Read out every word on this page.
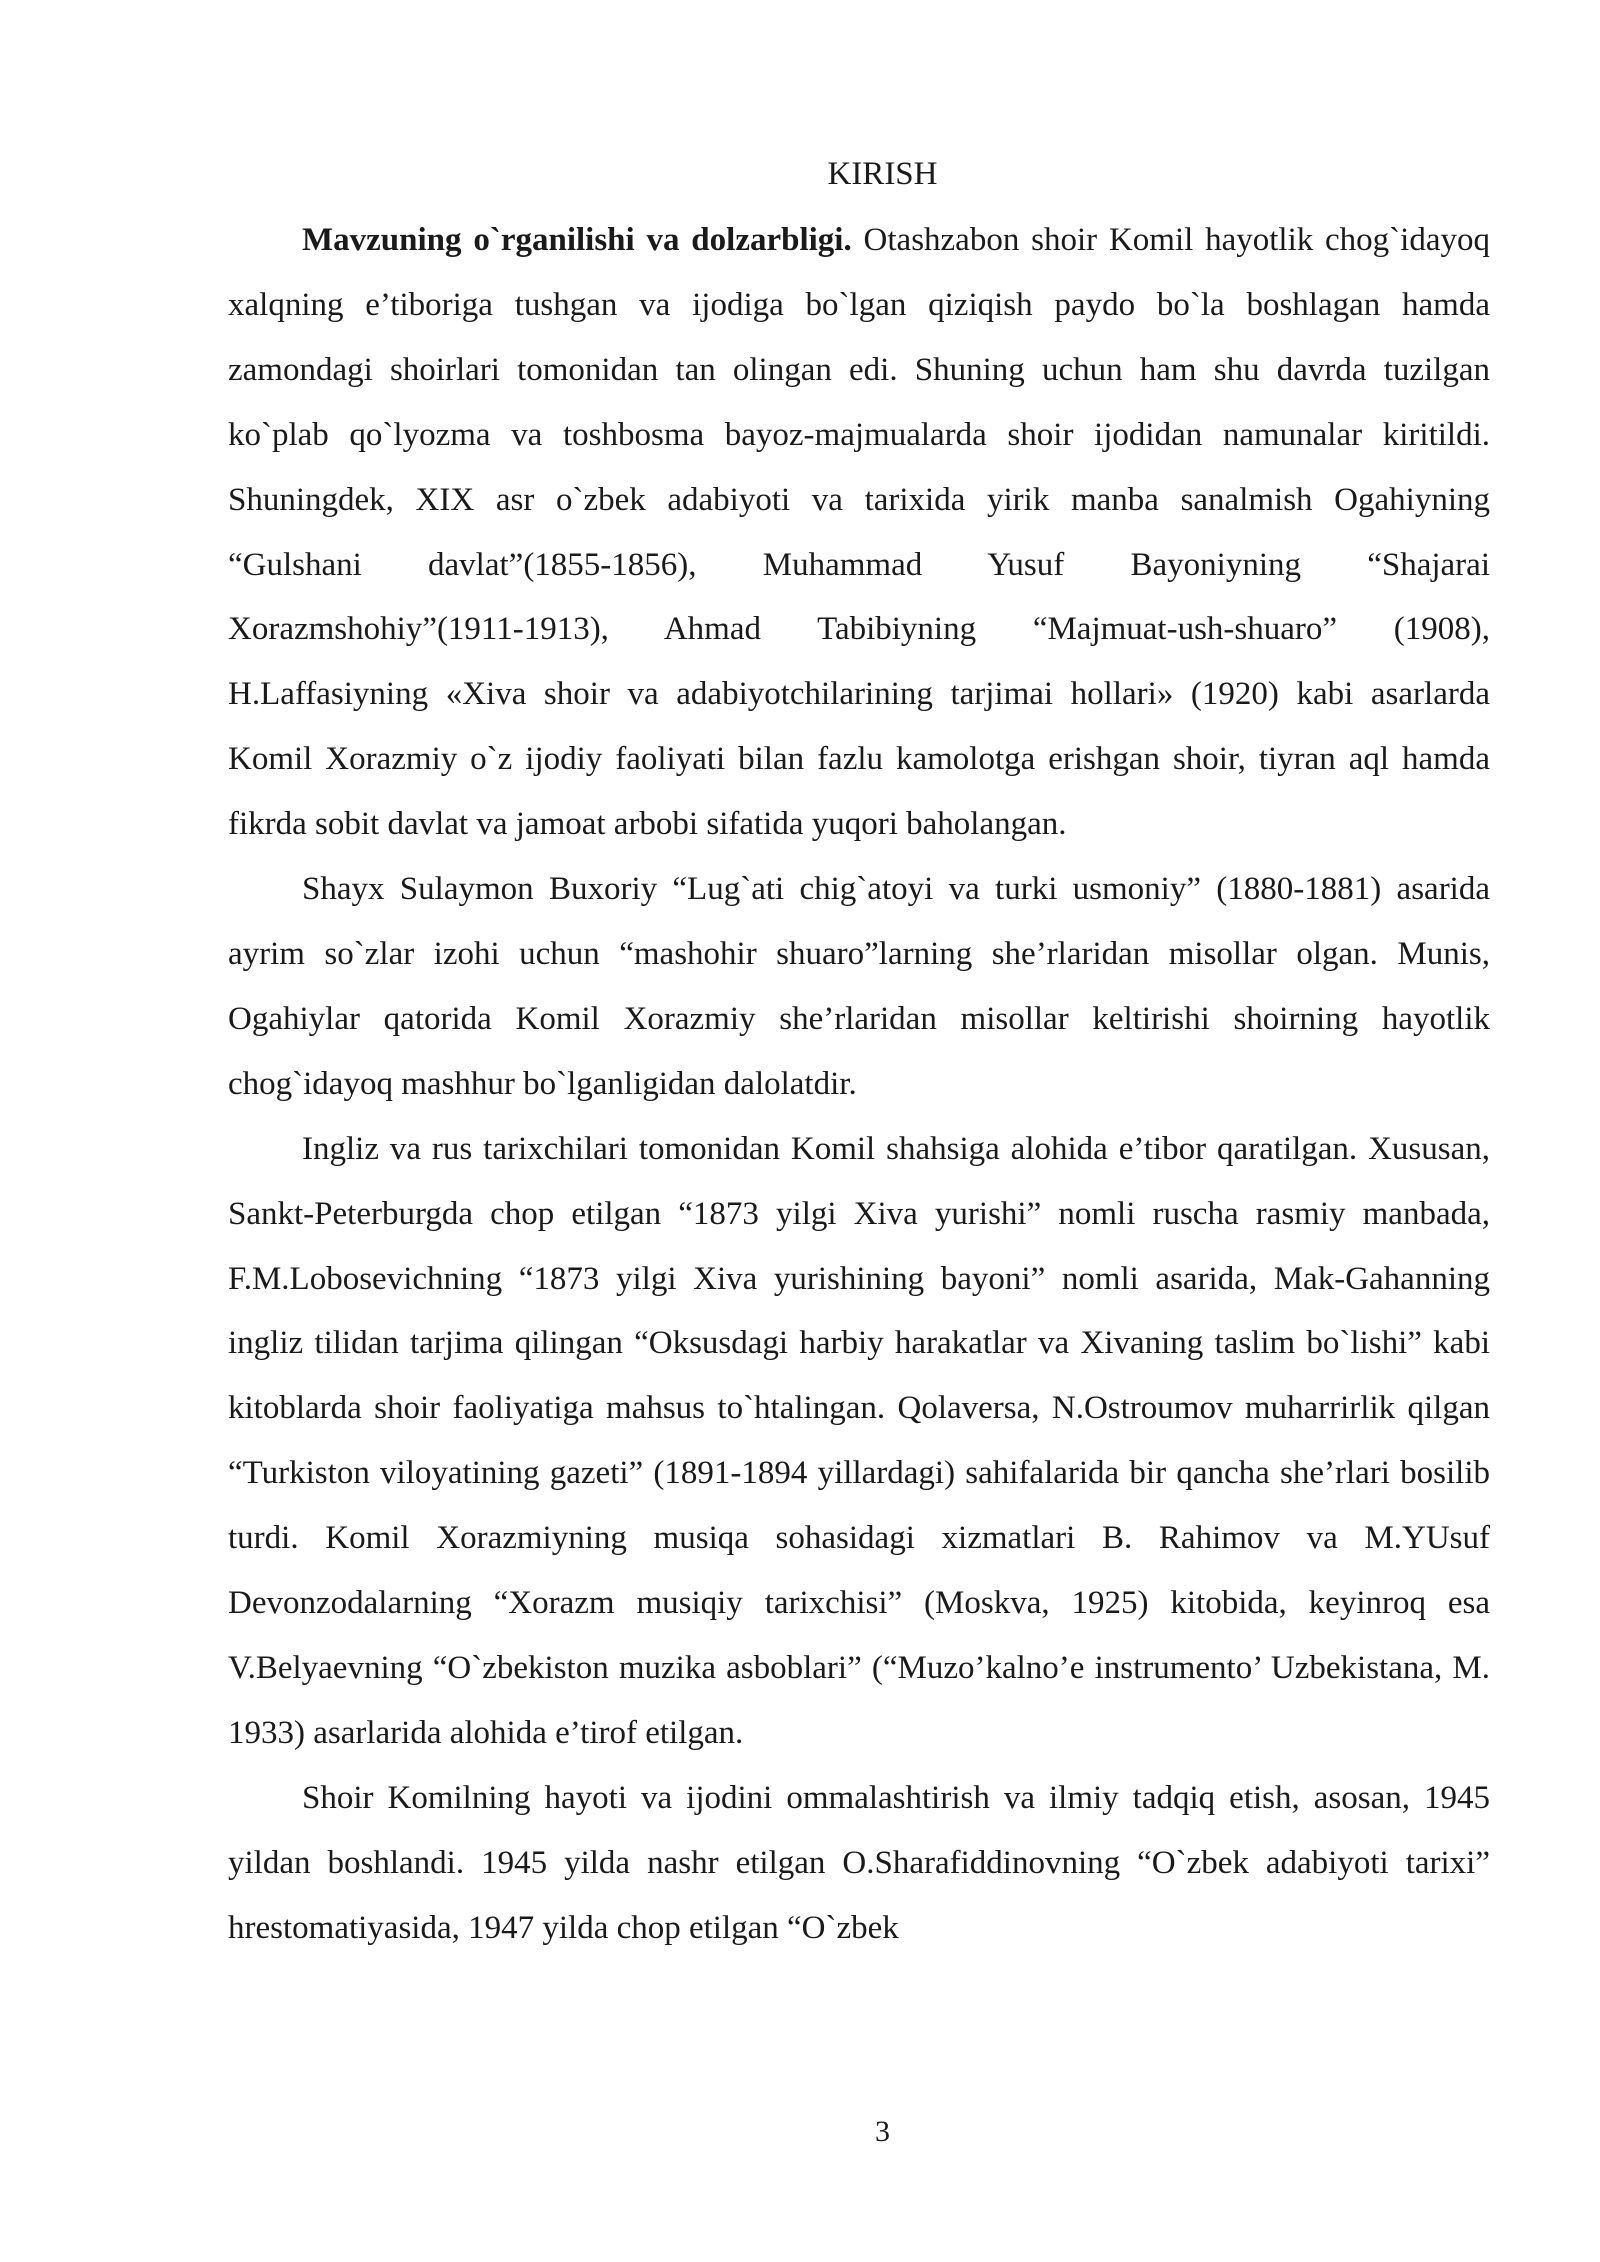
KIRISH

Mavzuning o`rganilishi va dolzarbligi. Otashzabon shoir Komil hayotlik chog`idayoq xalqning e’tiboriga tushgan va ijodiga bo`lgan qiziqish paydo bo`la boshlagan hamda zamondagi shoirlari tomonidan tan olingan edi. Shuning uchun ham shu davrda tuzilgan ko`plab qo`lyozma va toshbosma bayoz-majmualarda shoir ijodidan namunalar kiritildi. Shuningdek, XIX asr o`zbek adabiyoti va tarixida yirik manba sanalmish Ogahiyning “Gulshani davlat”(1855-1856), Muhammad Yusuf Bayoniyning “Shajarai Xorazmshohiy”(1911-1913), Ahmad Tabibiyning “Majmuat-ush-shuaro” (1908), H.Laffasiyning «Xiva shoir va adabiyotchilarining tarjimai hollari» (1920) kabi asarlarda Komil Xorazmiy o`z ijodiy faoliyati bilan fazlu kamolotga erishgan shoir, tiyran aql hamda fikrda sobit davlat va jamoat arbobi sifatida yuqori baholangan.

Shayx Sulaymon Buxoriy “Lug`ati chig`atoyi va turki usmoniy” (1880-1881) asarida ayrim so`zlar izohi uchun “mashohir shuaro”larning she’rlaridan misollar olgan. Munis, Ogahiylar qatorida Komil Xorazmiy she’rlaridan misollar keltirishi shoirning hayotlik chog`idayoq mashhur bo`lganligidan dalolatdir.

Ingliz va rus tarixchilari tomonidan Komil shahsiga alohida e’tibor qaratilgan. Xususan, Sankt-Peterburgda chop etilgan “1873 yilgi Xiva yurishi” nomli ruscha rasmiy manbada, F.M.Lobosevichning “1873 yilgi Xiva yurishining bayoni” nomli asarida, Mak-Gahanning ingliz tilidan tarjima qilingan “Oksusdagi harbiy harakatlar va Xivaning taslim bo`lishi” kabi kitoblarda shoir faoliyatiga mahsus to`htalingan. Qolaversa, N.Ostroumov muharrirlik qilgan “Turkiston viloyatining gazeti” (1891-1894 yillardagi) sahifalarida bir qancha she’rlari bosilib turdi. Komil Xorazmiyning musiqa sohasidagi xizmatlari B. Rahimov va M.YUsuf Devonzodalarning “Xorazm musiqiy tarixchisi” (Moskva, 1925) kitobida, keyinroq esa V.Belyaevning “O`zbekiston muzika asboblari” (“Muzo’kalno’e instrumento’ Uzbekistana, M. 1933) asarlarida alohida e’tirof etilgan.

Shoir Komilning hayoti va ijodini ommalashtirish va ilmiy tadqiq etish, asosan, 1945 yildan boshlandi. 1945 yilda nashr etilgan O.Sharafiddinovning “O`zbek adabiyoti tarixi” hrestomatiyasida, 1947 yilda chop etilgan “O`zbek

3
